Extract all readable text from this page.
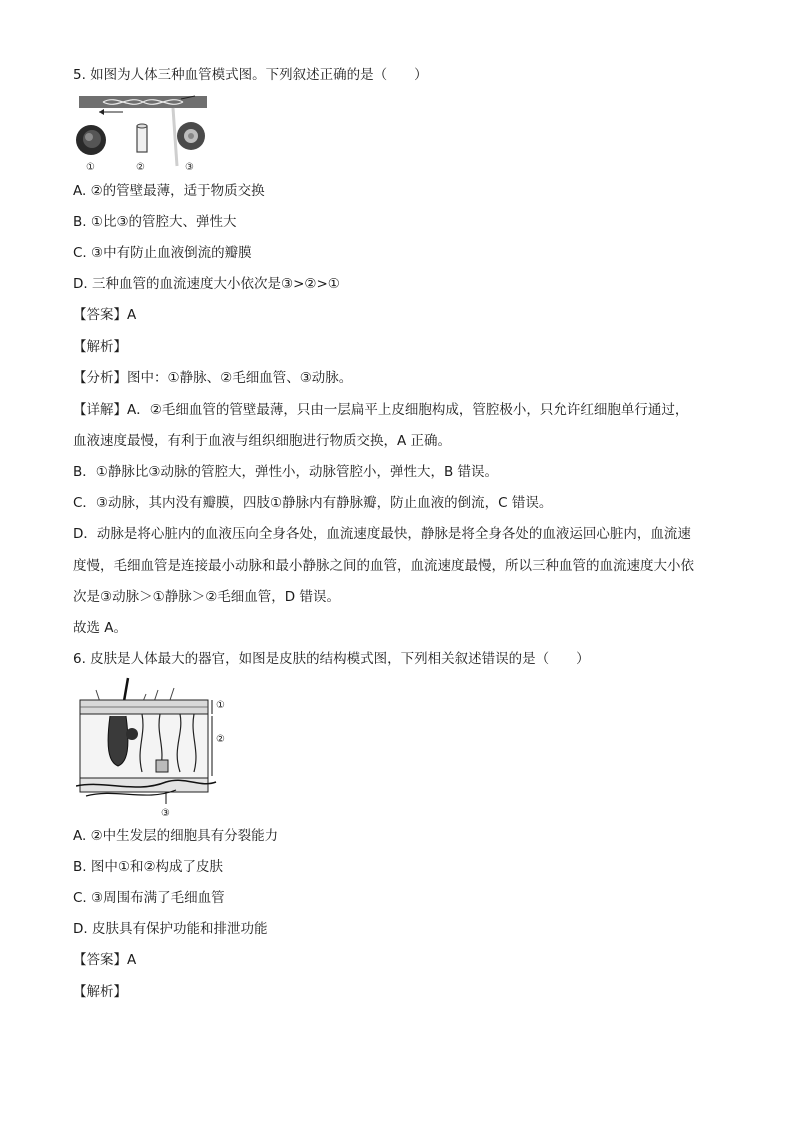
5. 如图为人体三种血管模式图。下列叙述正确的是（　　）
①	②	③
A. ②的管壁最薄，适于物质交换
B. ①比③的管腔大、弹性大
C. ③中有防止血液倒流的瓣膜
D. 三种血管的血流速度大小依次是③>②>①
【答案】A
【解析】
【分析】图中：①静脉、②毛细血管、③动脉。
【详解】A．②毛细血管的管壁最薄，只由一层扁平上皮细胞构成，管腔极小，只允许红细胞单行通过，
血液速度最慢，有利于血液与组织细胞进行物质交换，A 正确。
B．①静脉比③动脉的管腔大，弹性小，动脉管腔小，弹性大，B 错误。
C．③动脉，其内没有瓣膜，四肢①静脉内有静脉瓣，防止血液的倒流，C 错误。
D．动脉是将心脏内的血液压向全身各处，血流速度最快，静脉是将全身各处的血液运回心脏内，血流速
度慢，毛细血管是连接最小动脉和最小静脉之间的血管，血流速度最慢，所以三种血管的血流速度大小依
次是③动脉＞①静脉＞②毛细血管，D 错误。
故选 A。
6. 皮肤是人体最大的器官，如图是皮肤的结构模式图，下列相关叙述错误的是（　　）
①
②
③
A. ②中生发层的细胞具有分裂能力
B. 图中①和②构成了皮肤
C. ③周围布满了毛细血管
D. 皮肤具有保护功能和排泄功能
【答案】A
【解析】
